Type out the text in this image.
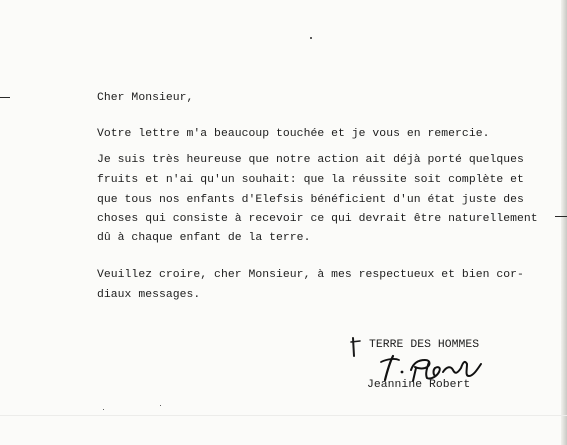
Cher Monsieur,
Votre lettre m'a beaucoup touchée et je vous en remercie.
Je suis très heureuse que notre action ait déjà porté quelques
fruits et n'ai qu'un souhait: que la réussite soit complète et
que tous nos enfants d'Elefsis bénéficient d'un état juste des
choses qui consiste à recevoir ce qui devrait être naturellement
dû à chaque enfant de la terre.
Veuillez croire, cher Monsieur, à mes respectueux et bien cor-
diaux messages.
TERRE DES HOMMES
Jeannine Robert
